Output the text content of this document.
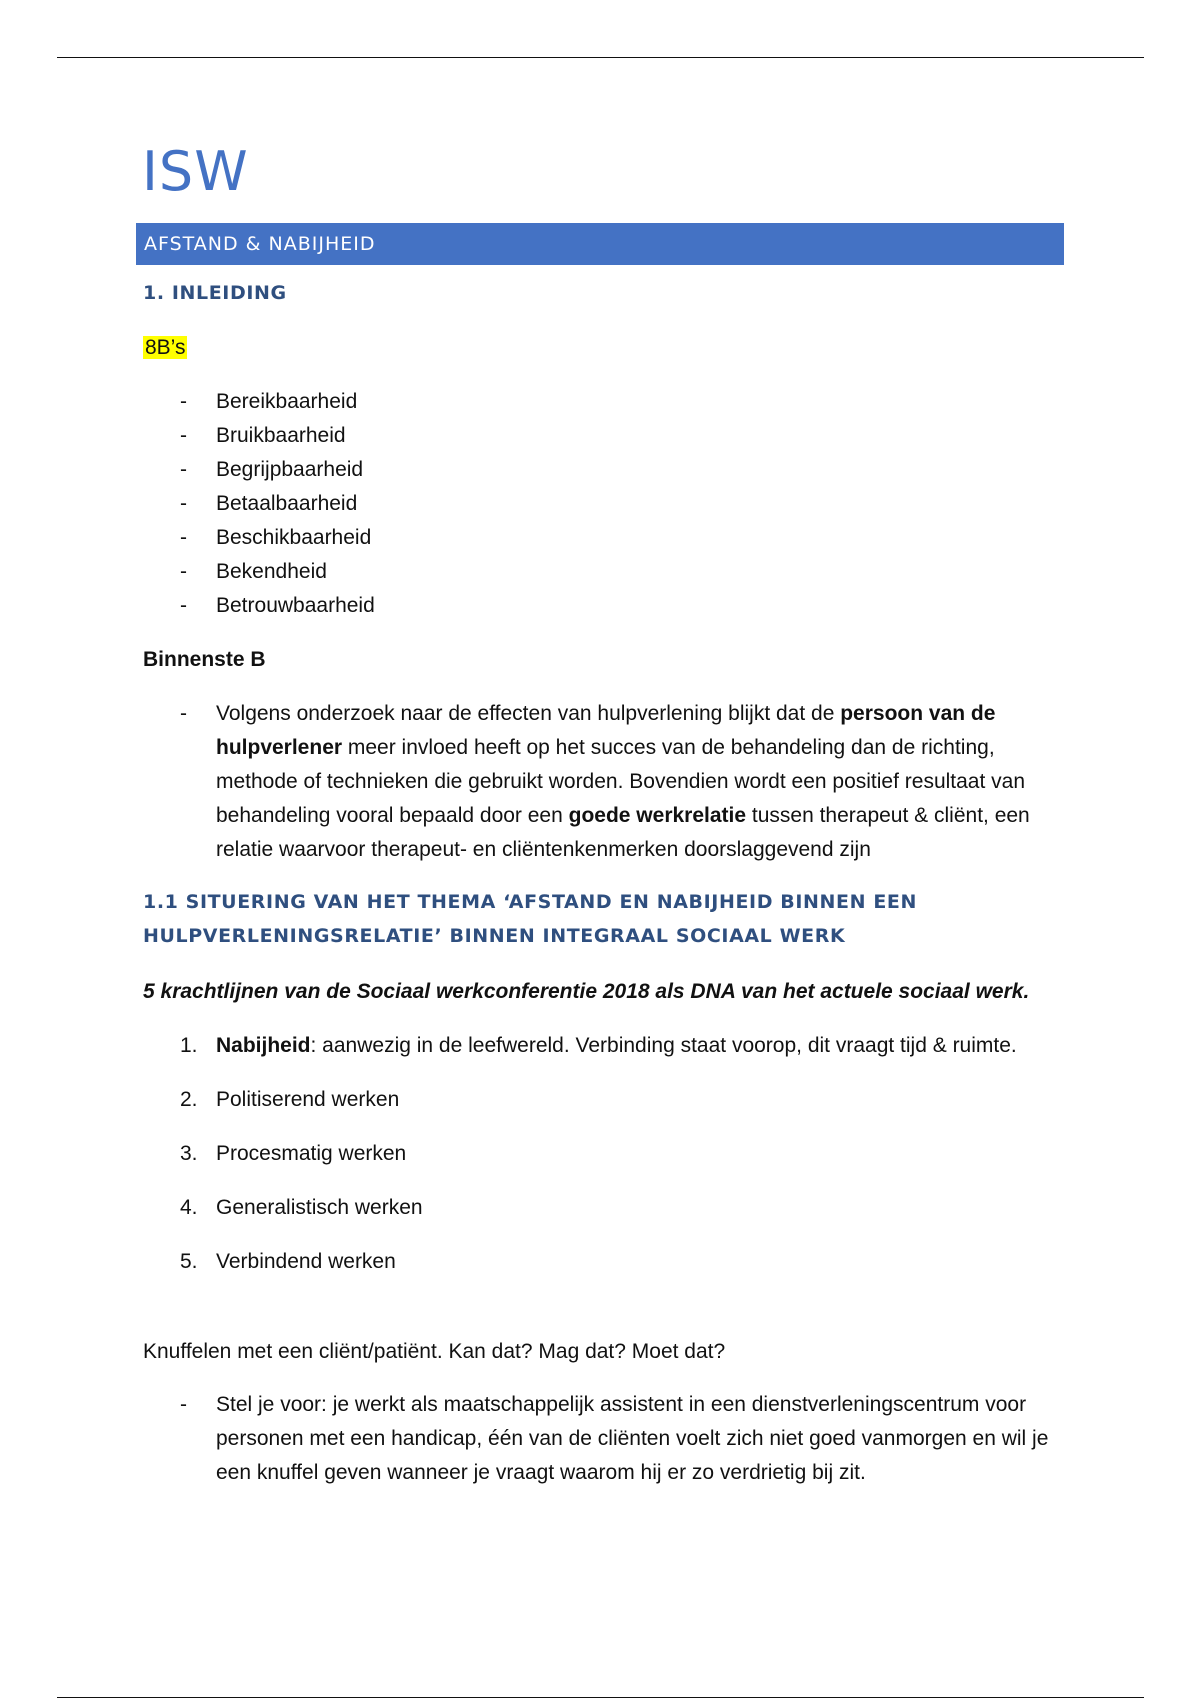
ISW
AFSTAND & NABIJHEID
1. INLEIDING

8B’s

- Bereikbaarheid
- Bruikbaarheid
- Begrijpbaarheid
- Betaalbaarheid
- Beschikbaarheid
- Bekendheid
- Betrouwbaarheid

Binnenste B

- Volgens onderzoek naar de effecten van hulpverlening blijkt dat de persoon van de hulpverlener meer invloed heeft op het succes van de behandeling dan de richting, methode of technieken die gebruikt worden. Bovendien wordt een positief resultaat van behandeling vooral bepaald door een goede werkrelatie tussen therapeut & cliënt, een relatie waarvoor therapeut- en cliëntenkenmerken doorslaggevend zijn
1.1 SITUERING VAN HET THEMA ‘AFSTAND EN NABIJHEID BINNEN EEN HULPVERLENINGSRELATIE’ BINNEN INTEGRAAL SOCIAAL WERK

5 krachtlijnen van de Sociaal werkconferentie 2018 als DNA van het actuele sociaal werk.

1. Nabijheid: aanwezig in de leefwereld. Verbinding staat voorop, dit vraagt tijd & ruimte.
2. Politiserend werken
3. Procesmatig werken
4. Generalistisch werken
5. Verbindend werken

Knuffelen met een cliënt/patiënt. Kan dat? Mag dat? Moet dat?

- Stel je voor: je werkt als maatschappelijk assistent in een dienstverleningscentrum voor personen met een handicap, één van de cliënten voelt zich niet goed vanmorgen en wil je een knuffel geven wanneer je vraagt waarom hij er zo verdrietig bij zit.
